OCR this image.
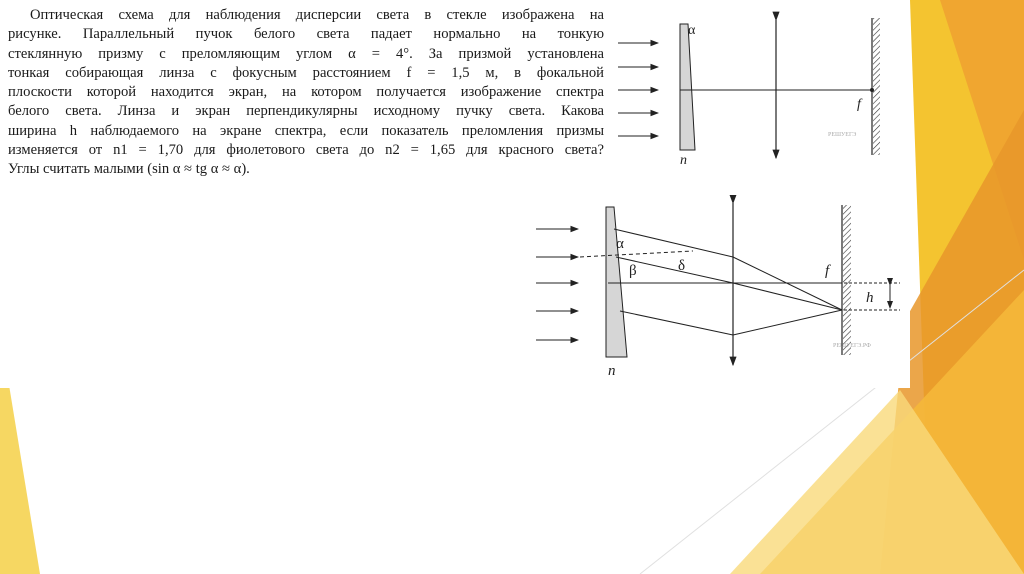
Оптическая схема для наблюдения дисперсии света в стекле изображена на
рисунке. Параллельный пучок белого света падает нормально на тонкую
стеклянную призму с преломляющим углом α = 4°. За призмой установлена
тонкая собирающая линза с фокусным расстоянием f = 1,5 м, в фокальной
плоскости которой находится экран, на котором получается изображение спектра
белого света. Линза и экран перпендикулярны исходному пучку света. Какова
ширина h наблюдаемого на экране спектра, если показатель преломления призмы
изменяется от n1 = 1,70 для фиолетового света до n2 = 1,65 для красного света?
Углы считать малыми (sin α ≈ tg α ≈ α).
α
n
f
РЕШУЕГЭ
α
β	δ
n
f
h
РЕШУЕГЭ.РФ
